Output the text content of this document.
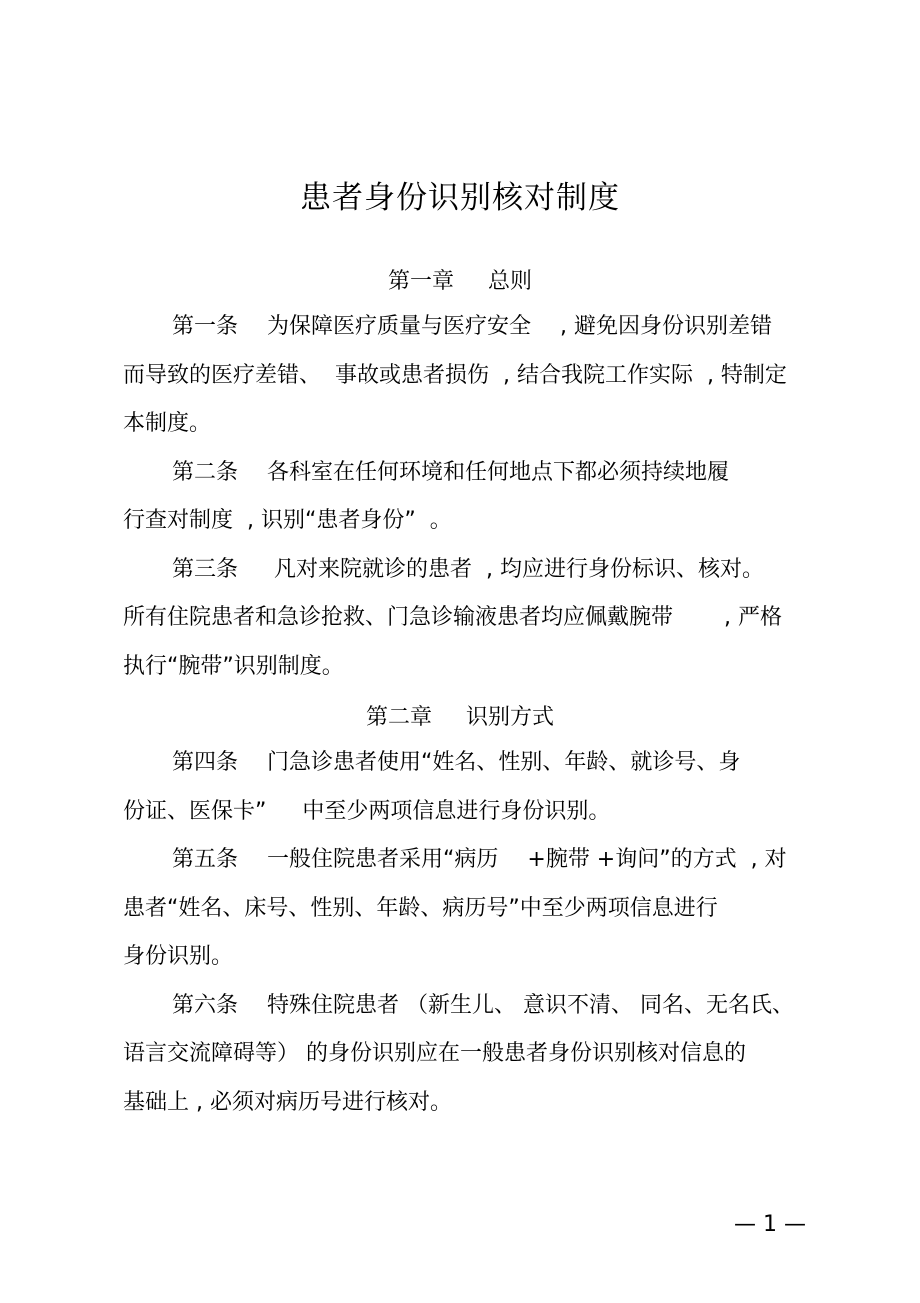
患者身份识别核对制度
第一章 总则
第一条　 为保障医疗质量与医疗安全　 , 避免因身份识别差错
而导致的医疗差错、  事故或患者损伤  , 结合我院工作实际  , 特制定
本制度。
第二条　 各科室在任何环境和任何地点下都必须持续地履
行查对制度  , 识别“患者身份”  。
第三条　  凡对来院就诊的患者  , 均应进行身份标识、核对。
所有住院患者和急诊抢救、门急诊输液患者均应佩戴腕带　　 , 严格
执行“腕带”识别制度。
第二章 识别方式
第四条　 门急诊患者使用“姓名、性别、年龄、就诊号、身
份证、医保卡”　  中至少两项信息进行身份识别。
第五条　 一般住院患者采用“病历　 +腕带 +询问”的方式  , 对
患者“姓名、床号、性别、年龄、病历号”中至少两项信息进行
身份识别。
第六条　 特殊住院患者 （新生儿、 意识不清、 同名、无名氏、
语言交流障碍等） 的身份识别应在一般患者身份识别核对信息的
基础上 , 必须对病历号进行核对。
— 1 —
